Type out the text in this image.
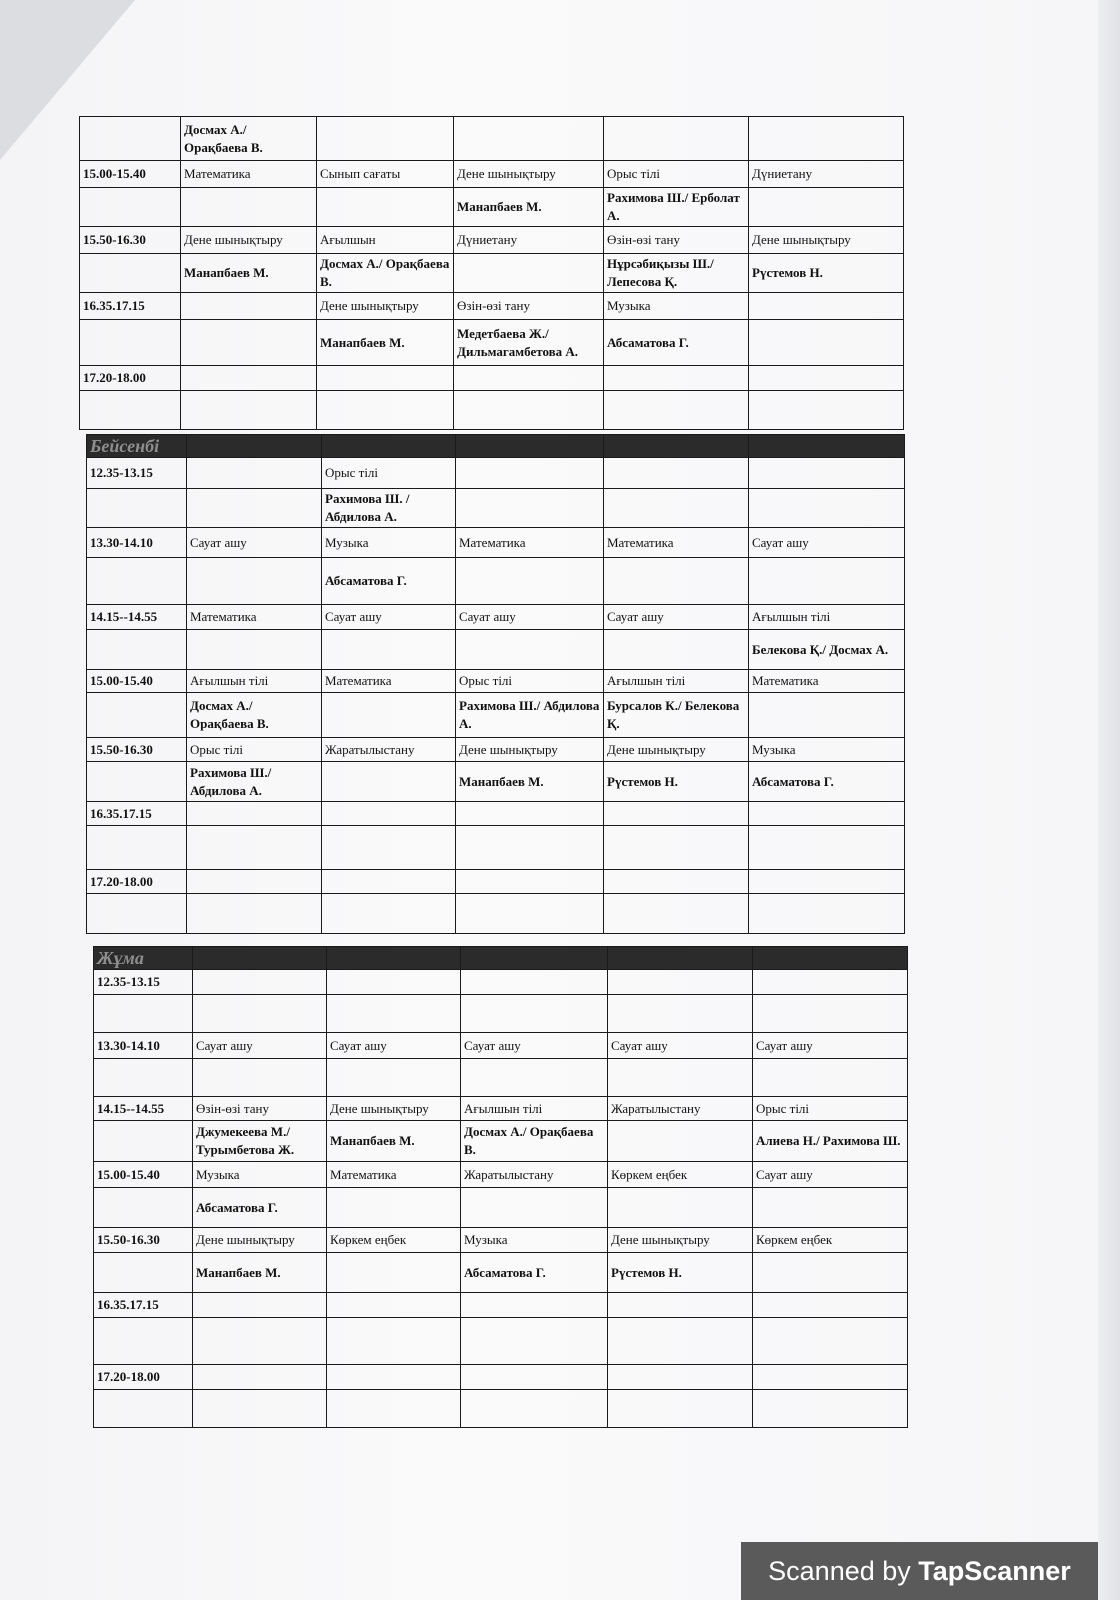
	Досмах А./ Орақбаева В.				
15.00-15.40	Математика	Сынып сағаты	Дене шынықтыру	Орыс тілі	Дүниетану
			Манапбаев М.	Рахимова Ш./ Ерболат А.	
15.50-16.30	Дене шынықтыру	Ағылшын	Дүниетану	Өзін-өзі тану	Дене шынықтыру
	Манапбаев М.	Досмах А./ Орақбаева В.		Нұрсәбиқызы Ш./ Лепесова Қ.	Рүстемов Н.
16.35.17.15		Дене шынықтыру	Өзін-өзі тану	Музыка	
		Манапбаев М.	Медетбаева Ж./ Дильмагамбетова А.	Абсаматова Г.	
17.20-18.00					

Бейсенбі					
12.35-13.15		Орыс тілі			
		Рахимова Ш. / Абдилова А.			
13.30-14.10	Сауат ашу	Музыка	Математика	Математика	Сауат ашу
		Абсаматова Г.			
14.15--14.55	Математика	Сауат ашу	Сауат ашу	Сауат ашу	Ағылшын тілі
					Белекова Қ./ Досмах А.
15.00-15.40	Ағылшын тілі	Математика	Орыс тілі	Ағылшын тілі	Математика
	Досмах А./ Орақбаева В.		Рахимова Ш./ Абдилова А.	Бурсалов К./ Белекова Қ.	
15.50-16.30	Орыс тілі	Жаратылыстану	Дене шынықтыру	Дене шынықтыру	Музыка
	Рахимова Ш./ Абдилова А.		Манапбаев М.	Рүстемов Н.	Абсаматова Г.
16.35.17.15					

17.20-18.00					

Жұма					
12.35-13.15					

13.30-14.10	Сауат ашу	Сауат ашу	Сауат ашу	Сауат ашу	Сауат ашу

14.15--14.55	Өзін-өзі тану	Дене шынықтыру	Ағылшын тілі	Жаратылыстану	Орыс тілі
	Джумекеева М./ Турымбетова Ж.	Манапбаев М.	Досмах А./ Орақбаева В.		Алиева Н./ Рахимова Ш.
15.00-15.40	Музыка	Математика	Жаратылыстану	Көркем еңбек	Сауат ашу
	Абсаматова Г.				
15.50-16.30	Дене шынықтыру	Көркем еңбек	Музыка	Дене шынықтыру	Көркем еңбек
	Манапбаев М.		Абсаматова Г.	Рүстемов Н.	
16.35.17.15					

17.20-18.00					

Scanned by TapScanner
